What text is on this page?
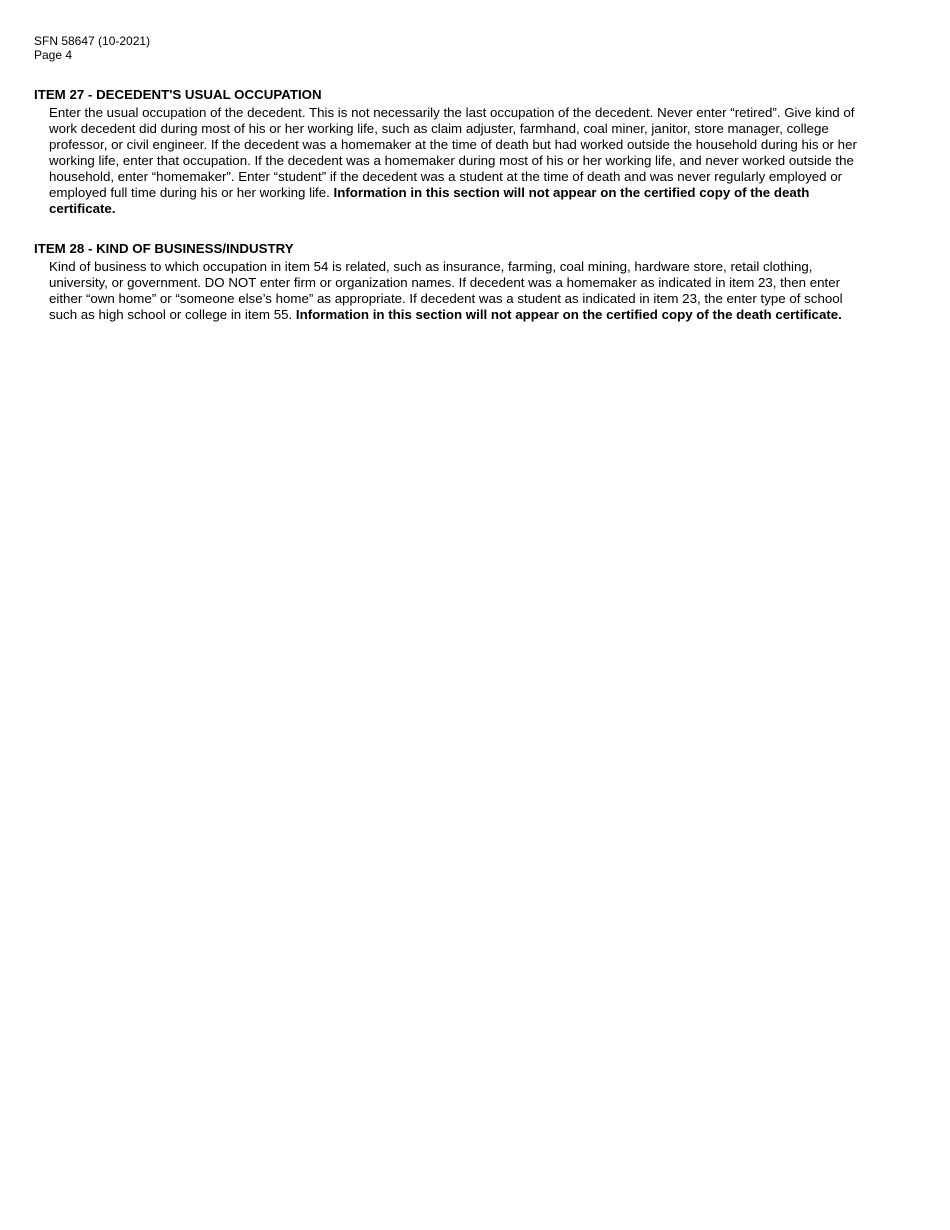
SFN 58647 (10-2021)
Page 4
ITEM 27 - DECEDENT'S USUAL OCCUPATION
Enter the usual occupation of the decedent. This is not necessarily the last occupation of the decedent. Never enter “retired”. Give kind of
work decedent did during most of his or her working life, such as claim adjuster, farmhand, coal miner, janitor, store manager, college
professor, or civil engineer. If the decedent was a homemaker at the time of death but had worked outside the household during his or her
working life, enter that occupation. If the decedent was a homemaker during most of his or her working life, and never worked outside the
household, enter “homemaker”. Enter “student” if the decedent was a student at the time of death and was never regularly employed or
employed full time during his or her working life. Information in this section will not appear on the certified copy of the death
certificate.
ITEM 28 - KIND OF BUSINESS/INDUSTRY
Kind of business to which occupation in item 54 is related, such as insurance, farming, coal mining, hardware store, retail clothing,
university, or government. DO NOT enter firm or organization names. If decedent was a homemaker as indicated in item 23, then enter
either “own home” or “someone else’s home” as appropriate. If decedent was a student as indicated in item 23, the enter type of school
such as high school or college in item 55. Information in this section will not appear on the certified copy of the death certificate.
